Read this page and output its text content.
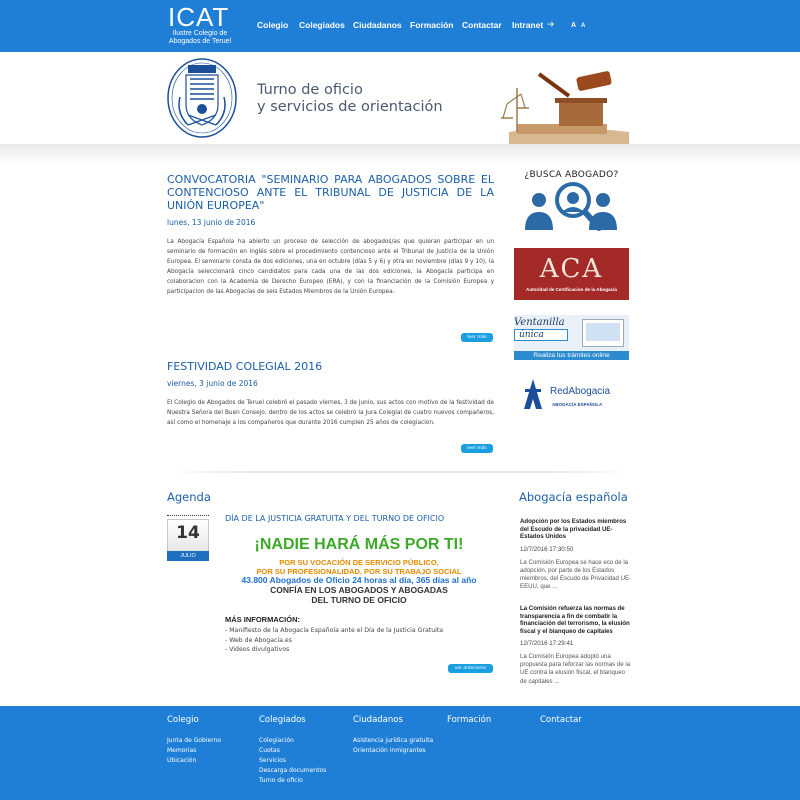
ICAT
Ilustre Colegio de
Abogados de Teruel
Colegio Colegiados Ciudadanos Formación Contactar Intranet ➜ A A
Turno de oficio
y servicios de orientación
CONVOCATORIA "SEMINARIO PARA ABOGADOS SOBRE EL CONTENCIOSO ANTE EL TRIBUNAL DE JUSTICIA DE LA UNIÓN EUROPEA"
lunes, 13 junio de 2016
La Abogacía Española ha abierto un proceso de selección de abogados/as que quieran participar en un seminario de formación en inglés sobre el procedimiento contencioso ante el Tribunal de Justicia de la Unión Europea. El seminario consta de dos ediciones, una en octubre (días 5 y 6) y otra en noviembre (días 9 y 10), la Abogacía seleccionará cinco candidatos para cada una de las dos ediciones, la Abogacía participa en colaboracion con la Academia de Derecho Europeo (ERA), y con la financiación de la Comisión Europea y participacion de las Abogacías de seis Estados Miembros de la Unión Europea.
leer más
FESTIVIDAD COLEGIAL 2016
viernes, 3 junio de 2016
El Colegio de Abogados de Teruel celebró el pasado viernes, 3 de junio, sus actos con motivo de la festividad de Nuestra Señora del Buen Consejo, dentro de los actos se celebró la Jura Colegial de cuatro nuevos compañeros, así como el homenaje a los compañeros que durante 2016 cumplen 25 años de colegiacion.
leer más
¿BUSCA ABOGADO?
ACA
Autoridad de Certificacion de la Abogacía
Ventanilla
única
Realiza tus trámites online
RedAbogacia
ABOGACÍA ESPAÑOLA
Agenda
14
JULIO
DÍA DE LA JUSTICIA GRATUITA Y DEL TURNO DE OFICIO
¡NADIE HARÁ MÁS POR TI!
POR SU VOCACIÓN DE SERVICIO PÚBLICO,
POR SU PROFESIONALIDAD, POR SU TRABAJO SOCIAL
43.800 Abogados de Oficio 24 horas al día, 365 días al año
CONFÍA EN LOS ABOGADOS Y ABOGADAS
DEL TURNO DE OFICIO
MÁS INFORMACIÓN:
- Manifiesto de la Abogacía Española ante el Día de la Justicia Gratuita
- Web de Abogacía.es
- Videos divulgativos
ver anteriores
Abogacía española
Adopción por los Estados miembros del Escudo de la privacidad UE-Estados Unidos
12/7/2016 17:30:50
La Comisión Europea se hace eco de la adopción, por parte de los Estados miembros, del Escudo de Privacidad UE-EEUU, que ...
La Comisión refuerza las normas de transparencia a fin de combatir la financiación del terrorismo, la elusión fiscal y el blanqueo de capitales
12/7/2016 17:29:41
La Comisión Europea adoptó una propuesta para reforzar las normas de la UE contra la elusión fiscal, el blanqueo de capitales ...
Colegio
Junta de Gobierno
Memorias
Ubicación
Colegiados
Colegiación
Cuotas
Servicios
Descarga documentos
Turno de oficio
Ciudadanos
Asistencia jurídica gratuita
Orientación inmigrantes
Formación	Contactar
